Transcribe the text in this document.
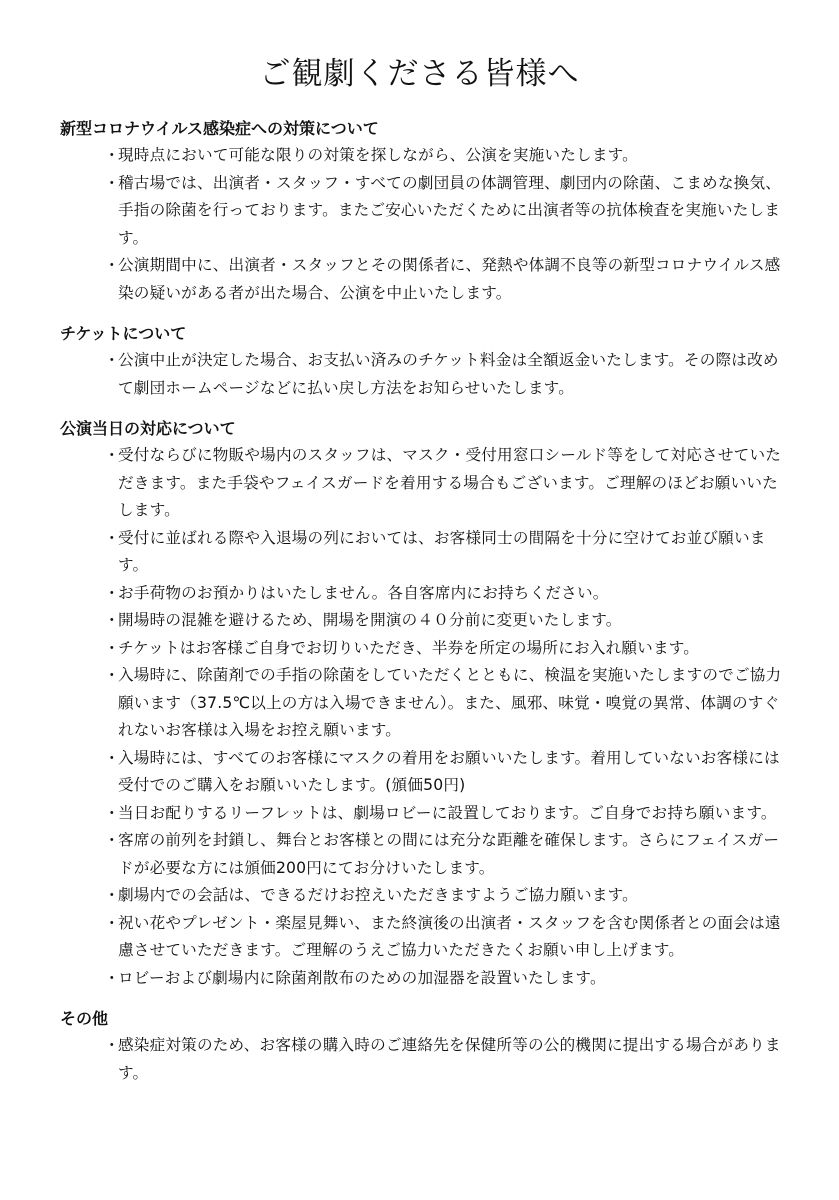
ご観劇くださる皆様へ
新型コロナウイルス感染症への対策について
・
現時点において可能な限りの対策を探しながら、公演を実施いたします。
・
稽古場では、出演者・スタッフ・すべての劇団員の体調管理、劇団内の除菌、こまめな換気、手指の除菌を行っております。またご安心いただくために出演者等の抗体検査を実施いたします。
・
公演期間中に、出演者・スタッフとその関係者に、発熱や体調不良等の新型コロナウイルス感染の疑いがある者が出た場合、公演を中止いたします。
チケットについて
・
公演中止が決定した場合、お支払い済みのチケット料金は全額返金いたします。その際は改めて劇団ホームページなどに払い戻し方法をお知らせいたします。
公演当日の対応について
・
受付ならびに物販や場内のスタッフは、マスク・受付用窓口シールド等をして対応させていただきます。また手袋やフェイスガードを着用する場合もございます。ご理解のほどお願いいたします。
・
受付に並ばれる際や入退場の列においては、お客様同士の間隔を十分に空けてお並び願います。
・
お手荷物のお預かりはいたしません。各自客席内にお持ちください。
・
開場時の混雑を避けるため、開場を開演の４０分前に変更いたします。
・
チケットはお客様ご自身でお切りいただき、半券を所定の場所にお入れ願います。
・
入場時に、除菌剤での手指の除菌をしていただくとともに、検温を実施いたしますのでご協力願います（37.5℃以上の方は入場できません）。また、風邪、味覚・嗅覚の異常、体調のすぐれないお客様は入場をお控え願います。
・
入場時には、すべてのお客様にマスクの着用をお願いいたします。着用していないお客様には受付でのご購入をお願いいたします。(頒価50円)
・
当日お配りするリーフレットは、劇場ロビーに設置しております。ご自身でお持ち願います。
・
客席の前列を封鎖し、舞台とお客様との間には充分な距離を確保します。さらにフェイスガードが必要な方には頒価200円にてお分けいたします。
・
劇場内での会話は、できるだけお控えいただきますようご協力願います。
・
祝い花やプレゼント・楽屋見舞い、また終演後の出演者・スタッフを含む関係者との面会は遠慮させていただきます。ご理解のうえご協力いただきたくお願い申し上げます。
・
ロビーおよび劇場内に除菌剤散布のための加湿器を設置いたします。
その他
・
感染症対策のため、お客様の購入時のご連絡先を保健所等の公的機関に提出する場合があります。
